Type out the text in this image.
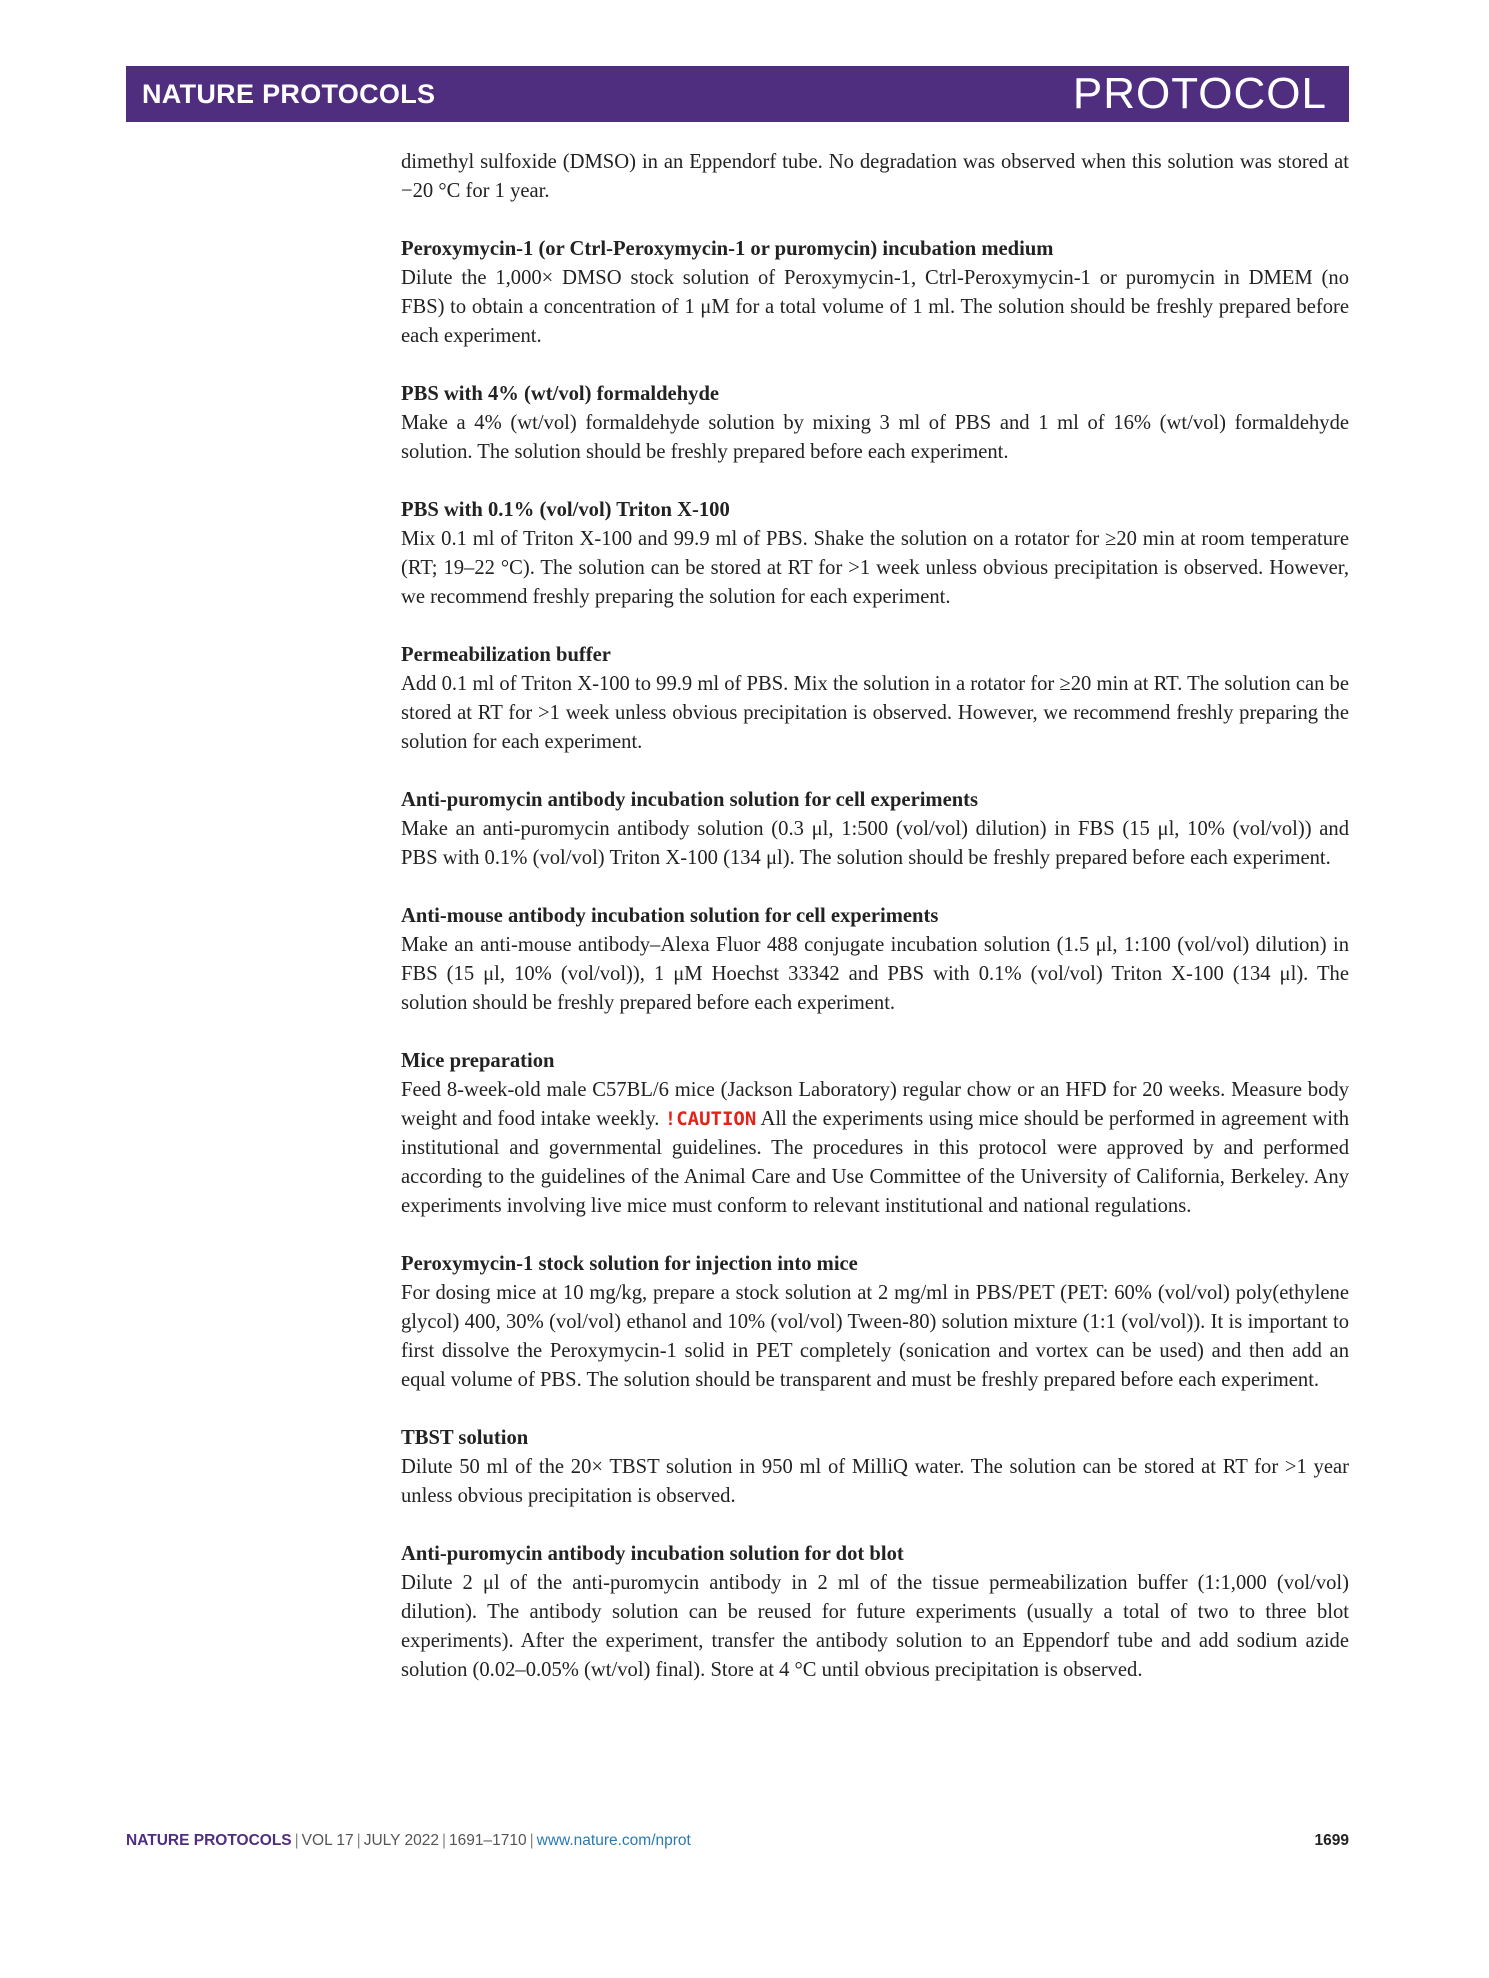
NATURE PROTOCOLS	PROTOCOL

dimethyl sulfoxide (DMSO) in an Eppendorf tube. No degradation was observed when this solution was stored at −20 °C for 1 year.

Peroxymycin-1 (or Ctrl-Peroxymycin-1 or puromycin) incubation medium

Dilute the 1,000× DMSO stock solution of Peroxymycin-1, Ctrl-Peroxymycin-1 or puromycin in DMEM (no FBS) to obtain a concentration of 1 μM for a total volume of 1 ml. The solution should be freshly prepared before each experiment.

PBS with 4% (wt/vol) formaldehyde

Make a 4% (wt/vol) formaldehyde solution by mixing 3 ml of PBS and 1 ml of 16% (wt/vol) formaldehyde solution. The solution should be freshly prepared before each experiment.

PBS with 0.1% (vol/vol) Triton X-100

Mix 0.1 ml of Triton X-100 and 99.9 ml of PBS. Shake the solution on a rotator for ≥20 min at room temperature (RT; 19–22 °C). The solution can be stored at RT for >1 week unless obvious precipitation is observed. However, we recommend freshly preparing the solution for each experiment.

Permeabilization buffer

Add 0.1 ml of Triton X-100 to 99.9 ml of PBS. Mix the solution in a rotator for ≥20 min at RT. The solution can be stored at RT for >1 week unless obvious precipitation is observed. However, we recommend freshly preparing the solution for each experiment.

Anti-puromycin antibody incubation solution for cell experiments

Make an anti-puromycin antibody solution (0.3 μl, 1:500 (vol/vol) dilution) in FBS (15 μl, 10% (vol/vol)) and PBS with 0.1% (vol/vol) Triton X-100 (134 μl). The solution should be freshly prepared before each experiment.

Anti-mouse antibody incubation solution for cell experiments

Make an anti-mouse antibody–Alexa Fluor 488 conjugate incubation solution (1.5 μl, 1:100 (vol/vol) dilution) in FBS (15 μl, 10% (vol/vol)), 1 μM Hoechst 33342 and PBS with 0.1% (vol/vol) Triton X-100 (134 μl). The solution should be freshly prepared before each experiment.

Mice preparation

Feed 8-week-old male C57BL/6 mice (Jackson Laboratory) regular chow or an HFD for 20 weeks. Measure body weight and food intake weekly. !CAUTION All the experiments using mice should be performed in agreement with institutional and governmental guidelines. The procedures in this protocol were approved by and performed according to the guidelines of the Animal Care and Use Committee of the University of California, Berkeley. Any experiments involving live mice must conform to relevant institutional and national regulations.

Peroxymycin-1 stock solution for injection into mice

For dosing mice at 10 mg/kg, prepare a stock solution at 2 mg/ml in PBS/PET (PET: 60% (vol/vol) poly(ethylene glycol) 400, 30% (vol/vol) ethanol and 10% (vol/vol) Tween-80) solution mixture (1:1 (vol/vol)). It is important to first dissolve the Peroxymycin-1 solid in PET completely (sonication and vortex can be used) and then add an equal volume of PBS. The solution should be transparent and must be freshly prepared before each experiment.

TBST solution

Dilute 50 ml of the 20× TBST solution in 950 ml of MilliQ water. The solution can be stored at RT for >1 year unless obvious precipitation is observed.

Anti-puromycin antibody incubation solution for dot blot

Dilute 2 μl of the anti-puromycin antibody in 2 ml of the tissue permeabilization buffer (1:1,000 (vol/vol) dilution). The antibody solution can be reused for future experiments (usually a total of two to three blot experiments). After the experiment, transfer the antibody solution to an Eppendorf tube and add sodium azide solution (0.02–0.05% (wt/vol) final). Store at 4 °C until obvious precipitation is observed.

NATURE PROTOCOLS | VOL 17 | JULY 2022 | 1691–1710 | www.nature.com/nprot	1699
